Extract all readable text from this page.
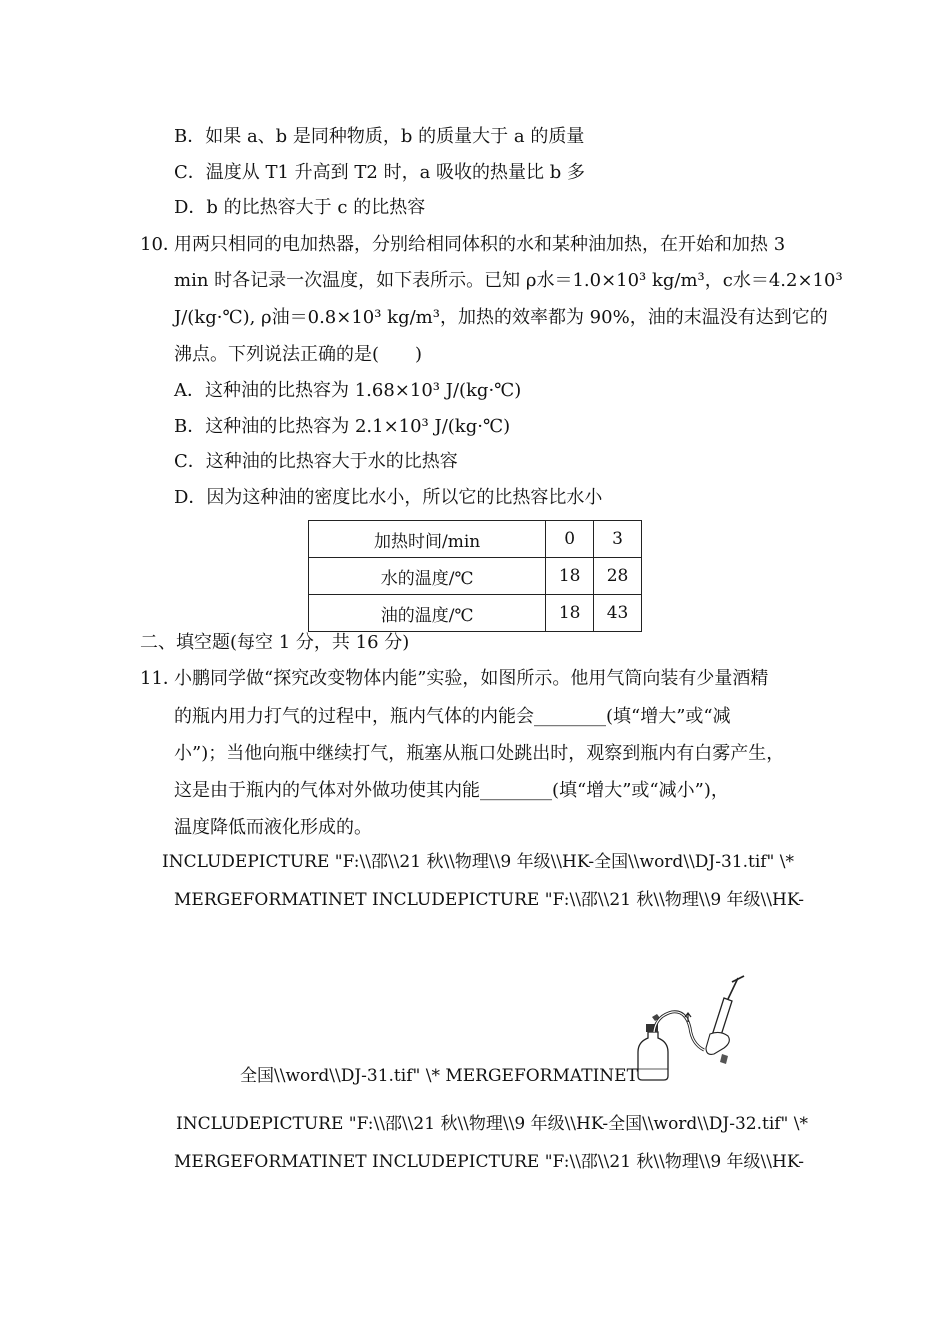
B．如果 a、b 是同种物质，b 的质量大于 a 的质量
C．温度从 T1 升高到 T2 时，a 吸收的热量比 b 多
D．b 的比热容大于 c 的比热容
10．
用两只相同的电加热器，分别给相同体积的水和某种油加热，在开始和加热 3
min 时各记录一次温度，如下表所示。已知 ρ水＝1.0×10³ kg/m³，c水＝4.2×10³
J/(kg·℃), ρ油＝0.8×10³ kg/m³，加热的效率都为 90%，油的末温没有达到它的
沸点。下列说法正确的是(　　)
A．这种油的比热容为 1.68×10³ J/(kg·℃)
B．这种油的比热容为 2.1×10³ J/(kg·℃)
C．这种油的比热容大于水的比热容
D．因为这种油的密度比水小，所以它的比热容比水小
加热时间/min	0	3
水的温度/℃	18	28
油的温度/℃	18	43
二、填空题(每空 1 分，共 16 分)
11．
小鹏同学做“探究改变物体内能”实验，如图所示。他用气筒向装有少量酒精
的瓶内用力打气的过程中，瓶内气体的内能会________(填“增大”或“减
小”)；当他向瓶中继续打气，瓶塞从瓶口处跳出时，观察到瓶内有白雾产生，
这是由于瓶内的气体对外做功使其内能________(填“增大”或“减小”)，
温度降低而液化形成的。
INCLUDEPICTURE "F:\\邵\\21 秋\\物理\\9 年级\\HK-全国\\word\\DJ-31.tif" \*
MERGEFORMATINET INCLUDEPICTURE "F:\\邵\\21 秋\\物理\\9 年级\\HK-
全国\\word\\DJ-31.tif" \* MERGEFORMATINET
INCLUDEPICTURE "F:\\邵\\21 秋\\物理\\9 年级\\HK-全国\\word\\DJ-32.tif" \*
MERGEFORMATINET INCLUDEPICTURE "F:\\邵\\21 秋\\物理\\9 年级\\HK-
